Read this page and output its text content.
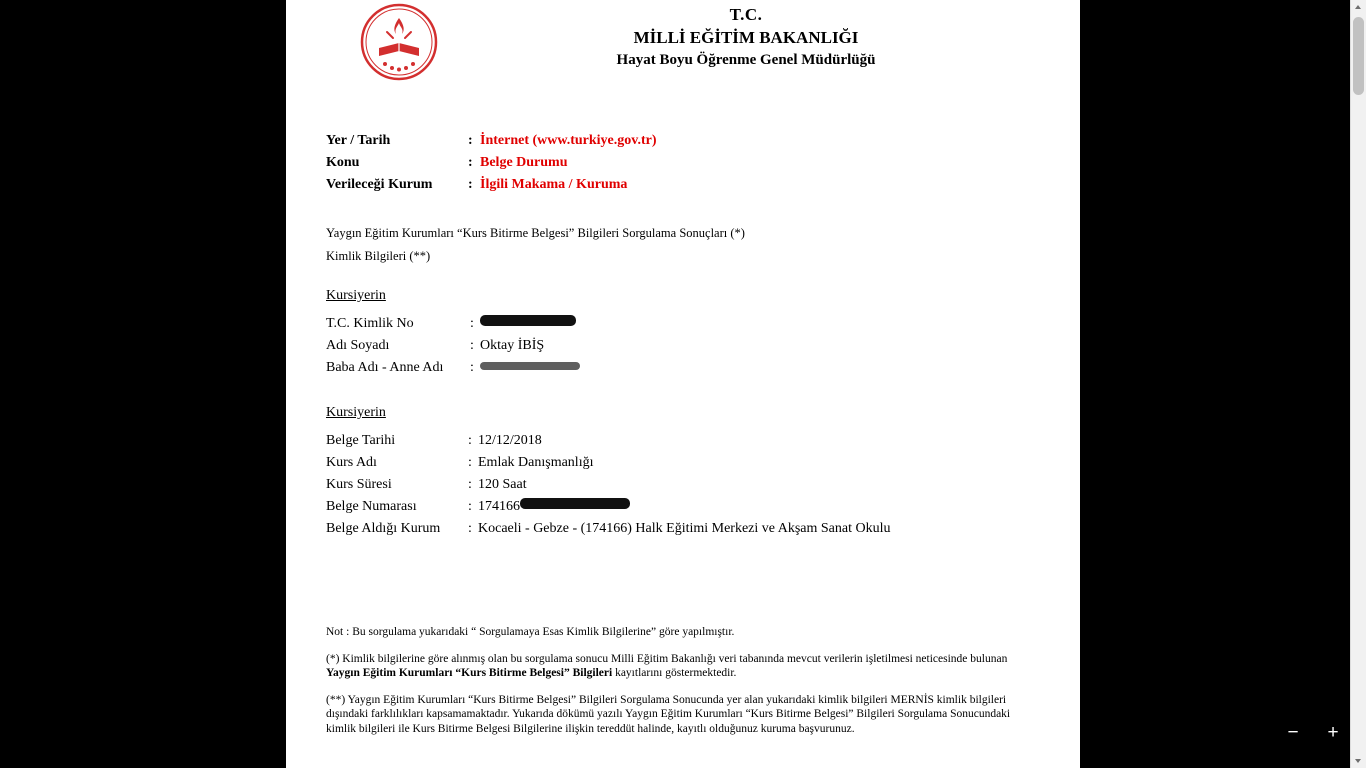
T.C.
MİLLİ EĞİTİM BAKANLIĞI
Hayat Boyu Öğrenme Genel Müdürlüğü
Yer / Tarih	: İnternet (www.turkiye.gov.tr)
Konu	: Belge Durumu
Verileceği Kurum	: İlgili Makama / Kuruma
Yaygın Eğitim Kurumları “Kurs Bitirme Belgesi” Bilgileri Sorgulama Sonuçları (*)
Kimlik Bilgileri (**)
Kursiyerin
T.C. Kimlik No	:
Adı Soyadı	: Oktay İBİŞ
Baba Adı - Anne Adı	:
Kursiyerin
Belge Tarihi	: 12/12/2018
Kurs Adı	: Emlak Danışmanlığı
Kurs Süresi	: 120 Saat
Belge Numarası	: 174166
Belge Aldığı Kurum	: Kocaeli - Gebze - (174166) Halk Eğitimi Merkezi ve Akşam Sanat Okulu

Not : Bu sorgulama yukarıdaki “ Sorgulamaya Esas Kimlik Bilgilerine” göre yapılmıştır.

(*) Kimlik bilgilerine göre alınmış olan bu sorgulama sonucu Milli Eğitim Bakanlığı veri tabanında mevcut verilerin işletilmesi neticesinde bulunan Yaygın Eğitim Kurumları “Kurs Bitirme Belgesi” Bilgileri kayıtlarını göstermektedir.

(**) Yaygın Eğitim Kurumları “Kurs Bitirme Belgesi” Bilgileri Sorgulama Sonucunda yer alan yukarıdaki kimlik bilgileri MERNİS kimlik bilgileri dışındaki farklılıkları kapsamamaktadır. Yukarıda dökümü yazılı Yaygın Eğitim Kurumları “Kurs Bitirme Belgesi” Bilgileri Sorgulama Sonucundaki kimlik bilgileri ile Kurs Bitirme Belgesi Bilgilerine ilişkin tereddüt halinde, kayıtlı olduğunuz kuruma başvurunuz.	− +
